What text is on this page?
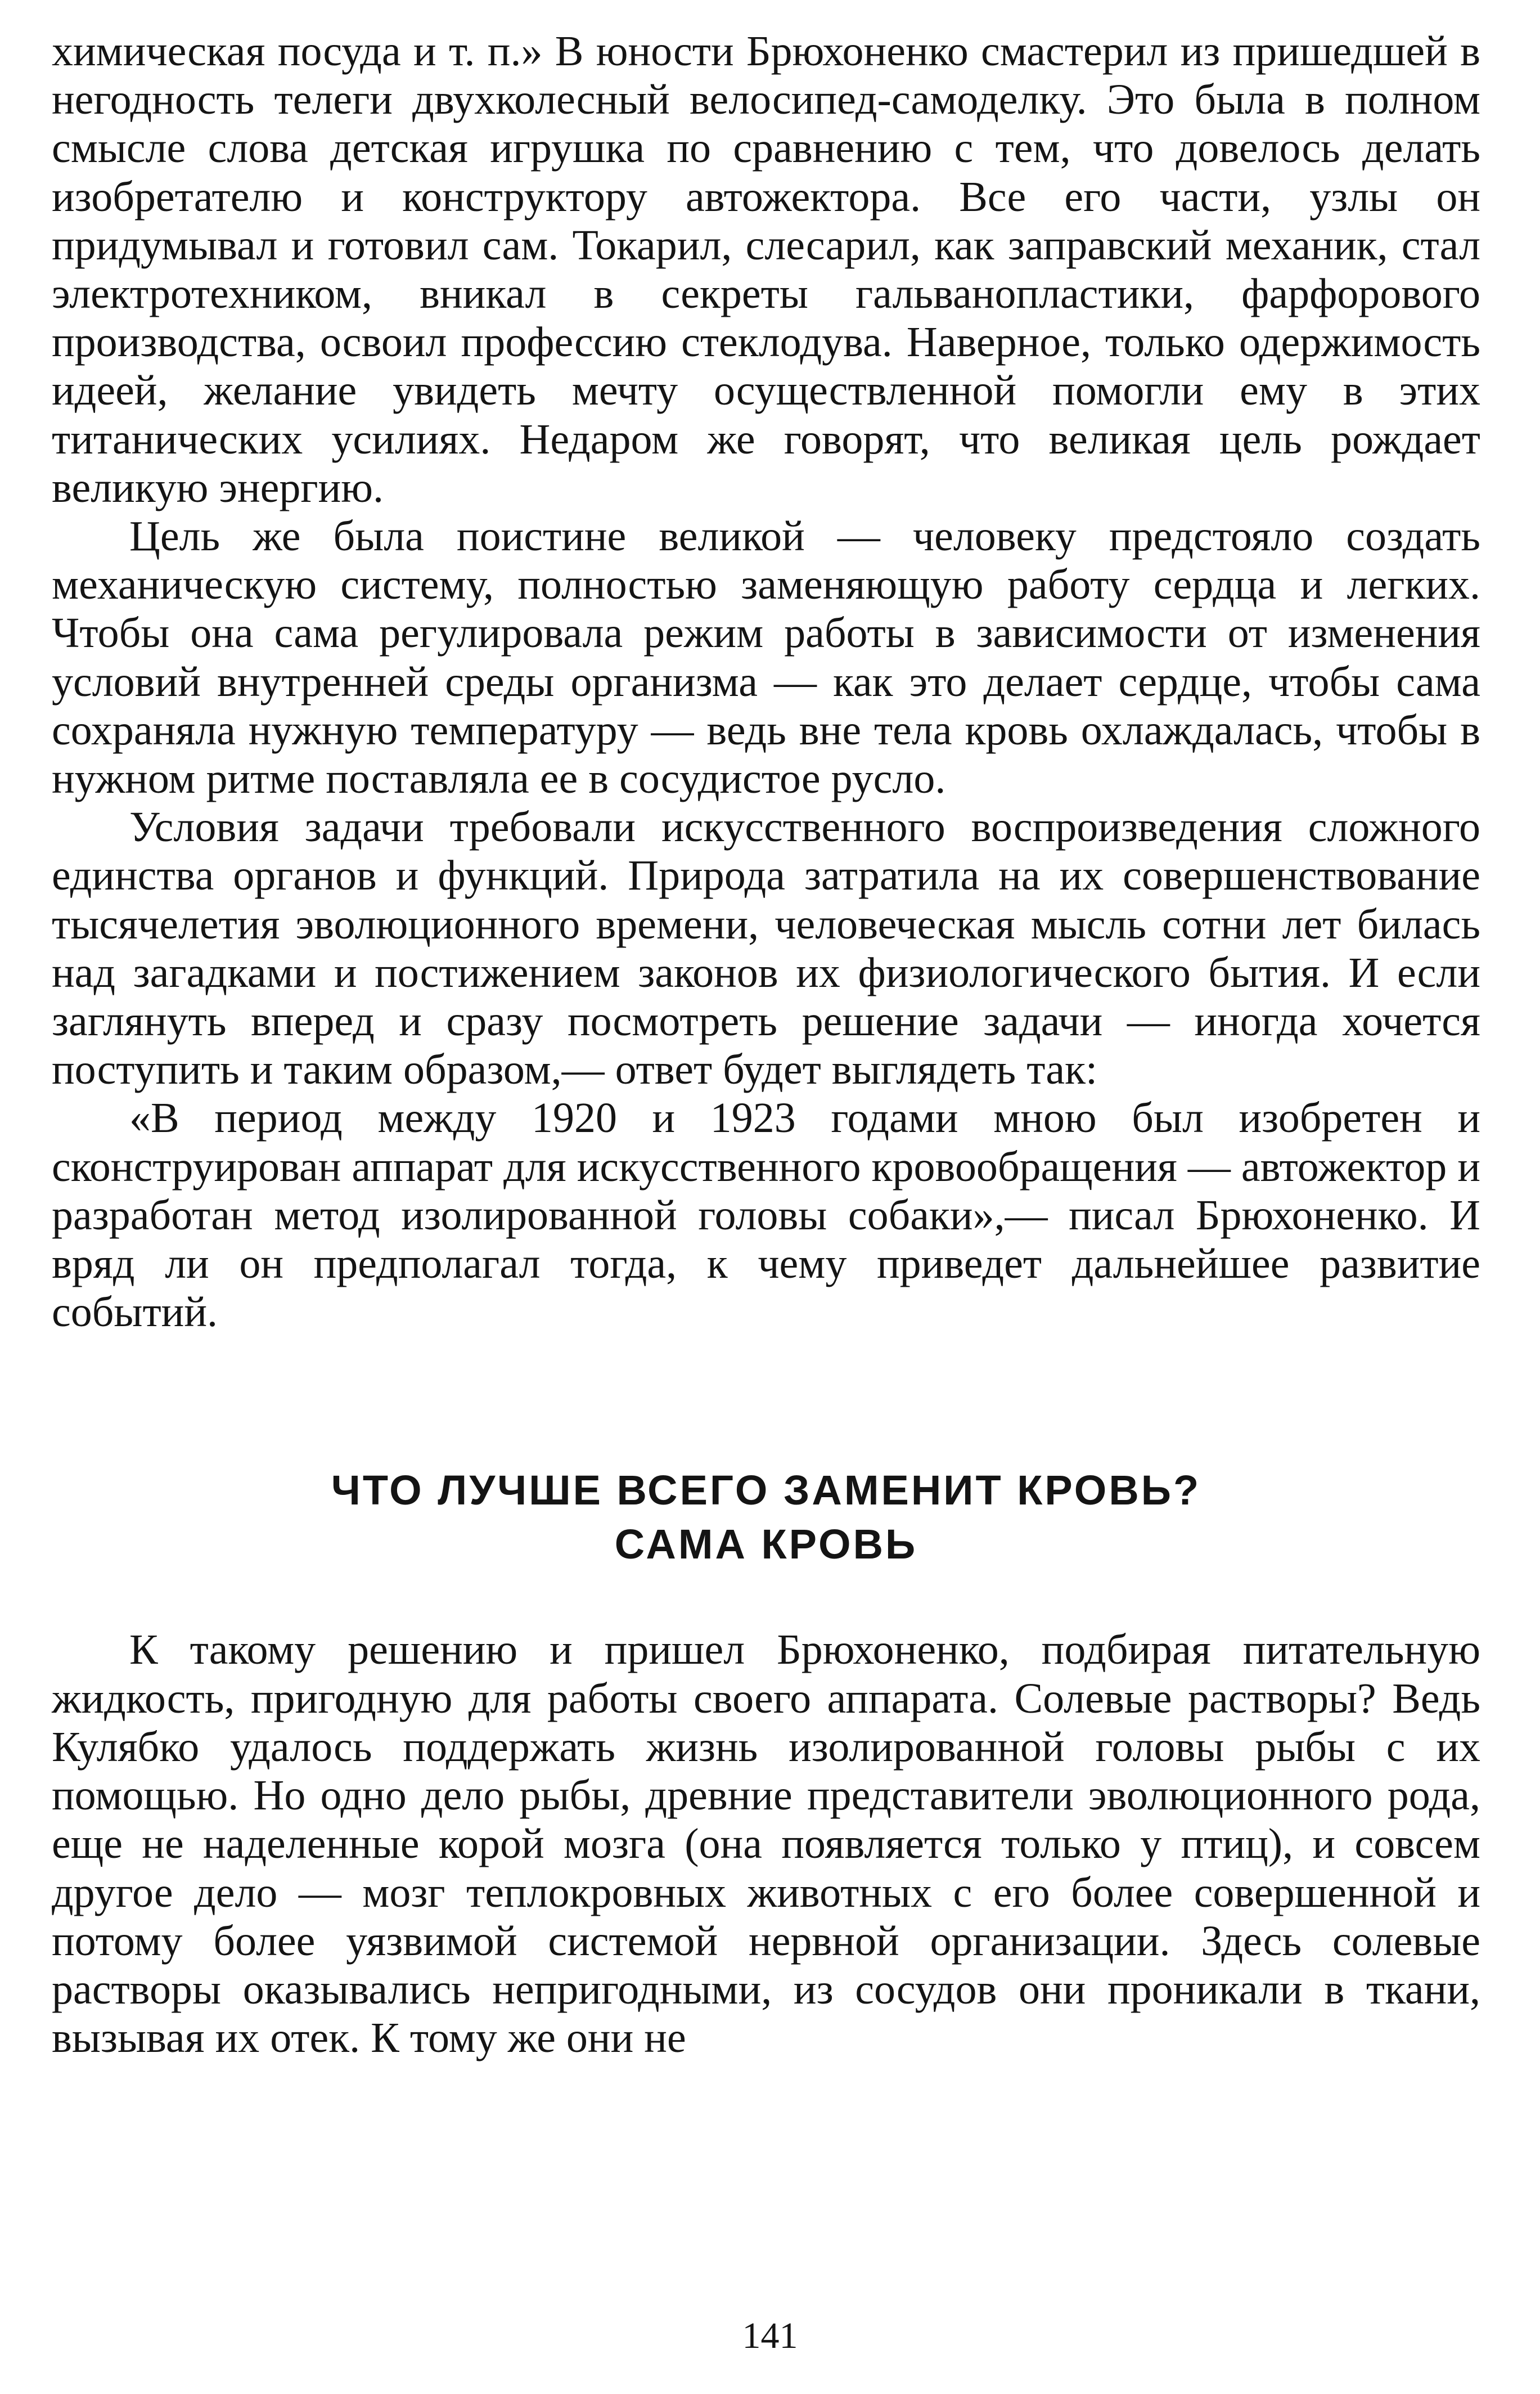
химическая посуда и т. п.» В юности Брюхоненко смастерил из пришедшей в негодность телеги двухколесный велосипед-самоделку. Это была в полном смысле слова детская игрушка по сравнению с тем, что довелось делать изобретателю и конструктору автожектора. Все его части, узлы он придумывал и готовил сам. Токарил, слесарил, как заправский механик, стал электротехником, вникал в секреты гальванопластики, фарфорового производства, освоил профессию стеклодува. Наверное, только одержимость идеей, желание увидеть мечту осуществленной помогли ему в этих титанических усилиях. Недаром же говорят, что великая цель рождает великую энергию.

Цель же была поистине великой — человеку предстояло создать механическую систему, полностью заменяющую работу сердца и легких. Чтобы она сама регулировала режим работы в зависимости от изменения условий внутренней среды организма — как это делает сердце, чтобы сама сохраняла нужную температуру — ведь вне тела кровь охлаждалась, чтобы в нужном ритме поставляла ее в сосудистое русло.

Условия задачи требовали искусственного воспроизведения сложного единства органов и функций. Природа затратила на их совершенствование тысячелетия эволюционного времени, человеческая мысль сотни лет билась над загадками и постижением законов их физиологического бытия. И если заглянуть вперед и сразу посмотреть решение задачи — иногда хочется поступить и таким образом,— ответ будет выглядеть так:

«В период между 1920 и 1923 годами мною был изобретен и сконструирован аппарат для искусственного кровообращения — автожектор и разработан метод изолированной головы собаки»,— писал Брюхоненко. И вряд ли он предполагал тогда, к чему приведет дальнейшее развитие событий.

ЧТО ЛУЧШЕ ВСЕГО ЗАМЕНИТ КРОВЬ?
САМА КРОВЬ

К такому решению и пришел Брюхоненко, подбирая питательную жидкость, пригодную для работы своего аппарата. Солевые растворы? Ведь Кулябко удалось поддержать жизнь изолированной головы рыбы с их помощью. Но одно дело рыбы, древние представители эволюционного рода, еще не наделенные корой мозга (она появляется только у птиц), и совсем другое дело — мозг теплокровных животных с его более совершенной и потому более уязвимой системой нервной организации. Здесь солевые растворы оказывались непригодными, из сосудов они проникали в ткани, вызывая их отек. К тому же они не

141
